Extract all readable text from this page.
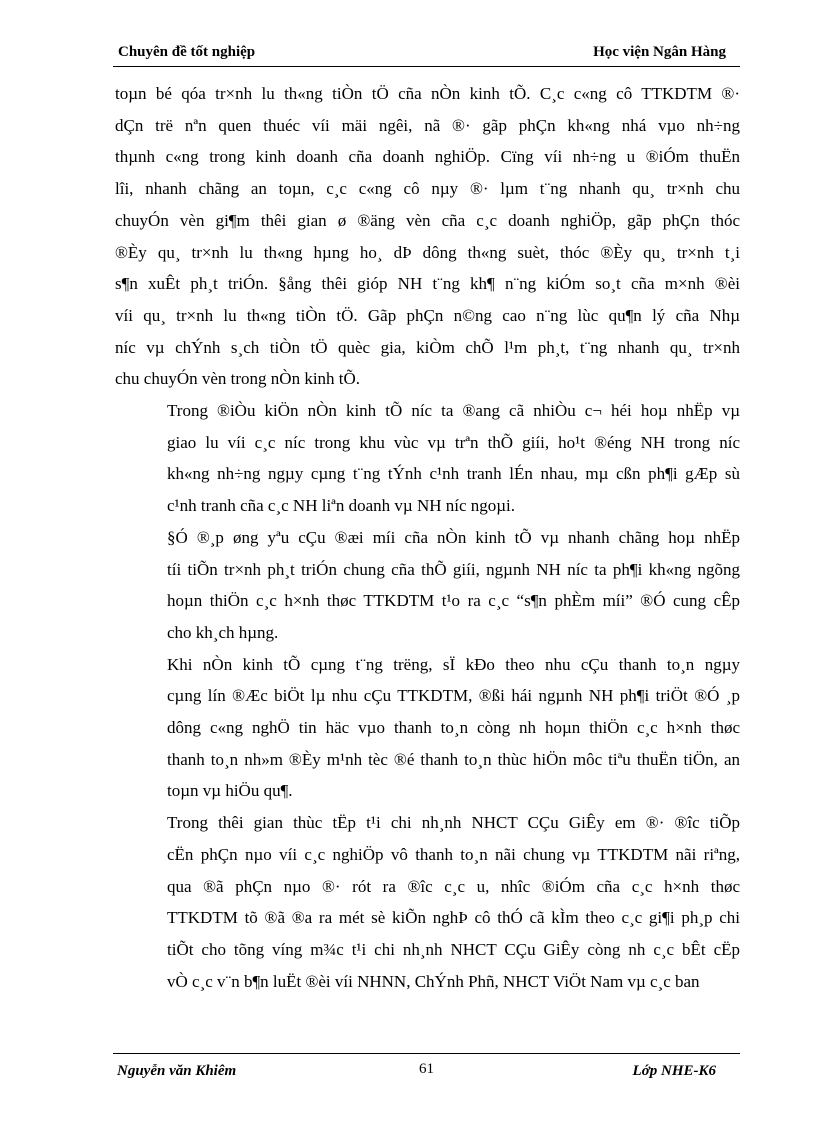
Chuyên đề tốt nghiệp	Học viện Ngân Hàng
toµn bé qóa tr×nh lu th«ng tiÒn tÖ cña nÒn kinh tÕ. C¸c c«ng cô TTKDTM ®·
dÇn trë nªn quen thuéc víi mäi ngêi, nã ®· gãp phÇn kh«ng nhá vµo nh÷ng
thµnh c«ng trong kinh doanh cña doanh nghiÖp. Cïng víi nh÷ng u ®iÓm thuËn
lîi, nhanh chãng an toµn, c¸c c«ng cô nµy ®· lµm t¨ng nhanh qu¸ tr×nh chu
chuyÓn vèn gi¶m thêi gian ø ®äng vèn cña c¸c doanh nghiÖp, gãp phÇn thóc
®Èy qu¸ tr×nh lu th«ng hµng ho¸ dÞ dông th«ng suèt, thóc ®Èy qu¸ tr×nh t¸i
s¶n xuÊt ph¸t triÓn. §ång thêi gióp NH t¨ng kh¶ n¨ng kiÓm so¸t cña m×nh ®èi
víi qu¸ tr×nh lu th«ng tiÒn tÖ. Gãp phÇn n©ng cao n¨ng lùc qu¶n lý cña Nhµ
níc vµ chÝnh s¸ch tiÒn tÖ quèc gia, kiÒm chÕ l¹m ph¸t, t¨ng nhanh qu¸ tr×nh
chu chuyÓn vèn trong nÒn kinh tÕ.
Trong ®iÒu kiÖn nÒn kinh tÕ níc ta ®ang cã nhiÒu c¬ héi hoµ nhËp vµ
giao lu víi c¸c níc trong khu vùc vµ trªn thÕ giíi, ho¹t ®éng NH trong níc
kh«ng nh÷ng ngµy cµng t¨ng tÝnh c¹nh tranh lÉn nhau, mµ cßn ph¶i gÆp sù
c¹nh tranh cña c¸c NH liªn doanh vµ NH níc ngoµi.
§Ó ®¸p øng yªu cÇu ®æi míi cña nÒn kinh tÕ vµ nhanh chãng hoµ nhËp
tíi tiÕn tr×nh ph¸t triÓn chung cña thÕ giíi, ngµnh NH níc ta ph¶i kh«ng ngõng
hoµn thiÖn c¸c h×nh thøc TTKDTM t¹o ra c¸c “s¶n phÈm míi” ®Ó cung cÊp
cho kh¸ch hµng.
Khi nÒn kinh tÕ cµng t¨ng trëng, sÏ kÐo theo nhu cÇu thanh to¸n ngµy
cµng lín ®Æc biÖt lµ nhu cÇu TTKDTM, ®ßi hái ngµnh NH ph¶i triÖt ®Ó ¸p
dông c«ng nghÖ tin häc vµo thanh to¸n còng nh hoµn thiÖn c¸c h×nh thøc
thanh to¸n nh»m ®Èy m¹nh tèc ®é thanh to¸n thùc hiÖn môc tiªu thuËn tiÖn, an
toµn vµ hiÖu qu¶.
Trong thêi gian thùc tËp t¹i chi nh¸nh NHCT CÇu GiÊy em ®· ®îc tiÕp
cËn phÇn nµo víi c¸c nghiÖp vô thanh to¸n nãi chung vµ TTKDTM nãi riªng,
qua ®ã phÇn nµo ®· rót ra ®îc c¸c u, nhîc ®iÓm cña c¸c h×nh thøc
TTKDTM tõ ®ã ®a ra mét sè kiÕn nghÞ cô thÓ cã kÌm theo c¸c gi¶i ph¸p chi
tiÕt cho tõng víng m¾c t¹i chi nh¸nh NHCT CÇu GiÊy còng nh c¸c bÊt cËp
vÒ c¸c v¨n b¶n luËt ®èi víi NHNN, ChÝnh Phñ, NHCT ViÖt Nam vµ c¸c ban
Nguyễn văn Khiêm	61	Lớp NHE-K6
